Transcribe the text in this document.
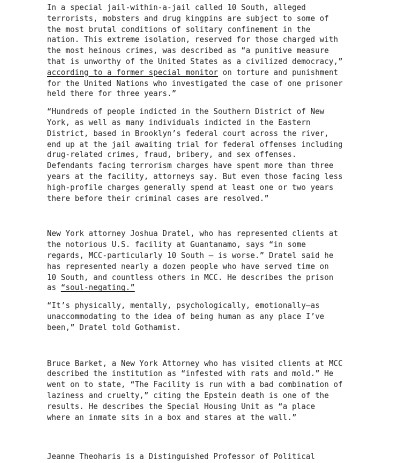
In a special jail-within-a-jail called 10 South, alleged
terrorists, mobsters and drug kingpins are subject to some of
the most brutal conditions of solitary confinement in the
nation. This extreme isolation, reserved for those charged with
the most heinous crimes, was described as “a punitive measure
that is unworthy of the United States as a civilized democracy,”
according to a former special monitor on torture and punishment
for the United Nations who investigated the case of one prisoner
held there for three years.”
“Hundreds of people indicted in the Southern District of New
York, as well as many individuals indicted in the Eastern
District, based in Brooklyn’s federal court across the river,
end up at the jail awaiting trial for federal offenses including
drug-related crimes, fraud, bribery, and sex offenses.
Defendants facing terrorism charges have spent more than three
years at the facility, attorneys say. But even those facing less
high-profile charges generally spend at least one or two years
there before their criminal cases are resolved.”
New York attorney Joshua Dratel, who has represented clients at
the notorious U.S. facility at Guantanamo, says “in some
regards, MCC-particularly 10 South – is worse.” Dratel said he
has represented nearly a dozen people who have served time on
10 South, and countless others in MCC. He describes the prison
as “soul-negating.”
“It’s physically, mentally, psychologically, emotionally—as
unaccommodating to the idea of being human as any place I’ve
been,” Dratel told Gothamist.
Bruce Barket, a New York Attorney who has visited clients at MCC
described the institution as “infested with rats and mold.” He
went on to state, “The Facility is run with a bad combination of
laziness and cruelty,” citing the Epstein death is one of the
results. He describes the Special Housing Unit as “a place
where an inmate sits in a box and stares at the wall.”
Jeanne Theoharis is a Distinguished Professor of Political
